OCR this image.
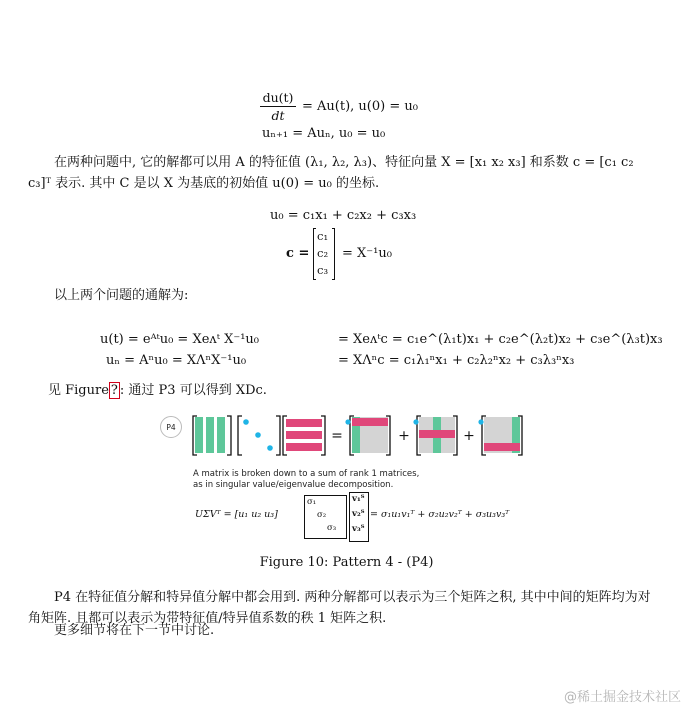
du(t)
dt
= Au(t), u(0) = u₀
uₙ₊₁ = Auₙ, u₀ = u₀
在两种问题中, 它的解都可以用 A 的特征值 (λ₁, λ₂, λ₃)、特征向量 X = [x₁ x₂ x₃] 和系数 c = [c₁ c₂ c₃]ᵀ 表示. 其中 C 是以 X 为基底的初始值 u(0) = u₀ 的坐标.
u₀ = c₁x₁ + c₂x₂ + c₃x₃
c =
c₁
c₂
c₃
= X⁻¹u₀
以上两个问题的通解为:
u(t) = eᴬᵗu₀ = Xeᴧᵗ X⁻¹u₀	= Xeᴧᵗc = c₁e^(λ₁t)x₁ + c₂e^(λ₂t)x₂ + c₃e^(λ₃t)x₃
uₙ = Aⁿu₀ = XΛⁿX⁻¹u₀	= XΛⁿc = c₁λ₁ⁿx₁ + c₂λ₂ⁿx₂ + c₃λ₃ⁿx₃
见 Figure ? : 通过 P3 可以得到 XDc.
P4
=	+	+
A matrix is broken down to a sum of rank 1 matrices,
as in singular value/eigenvalue decomposition.
UΣVᵀ = [u₁ u₂ u₃]
σ₁
σ₂
σ₃
v₁ᵀ
v₂ᵀ
v₃ᵀ
= σ₁u₁v₁ᵀ + σ₂u₂v₂ᵀ + σ₃u₃v₃ᵀ
Figure 10: Pattern 4 - (P4)
P4 在特征值分解和特异值分解中都会用到. 两种分解都可以表示为三个矩阵之积, 其中中间的矩阵均为对角矩阵. 且都可以表示为带特征值/特异值系数的秩 1 矩阵之积.
更多细节将在下一节中讨论.
@稀土掘金技术社区
